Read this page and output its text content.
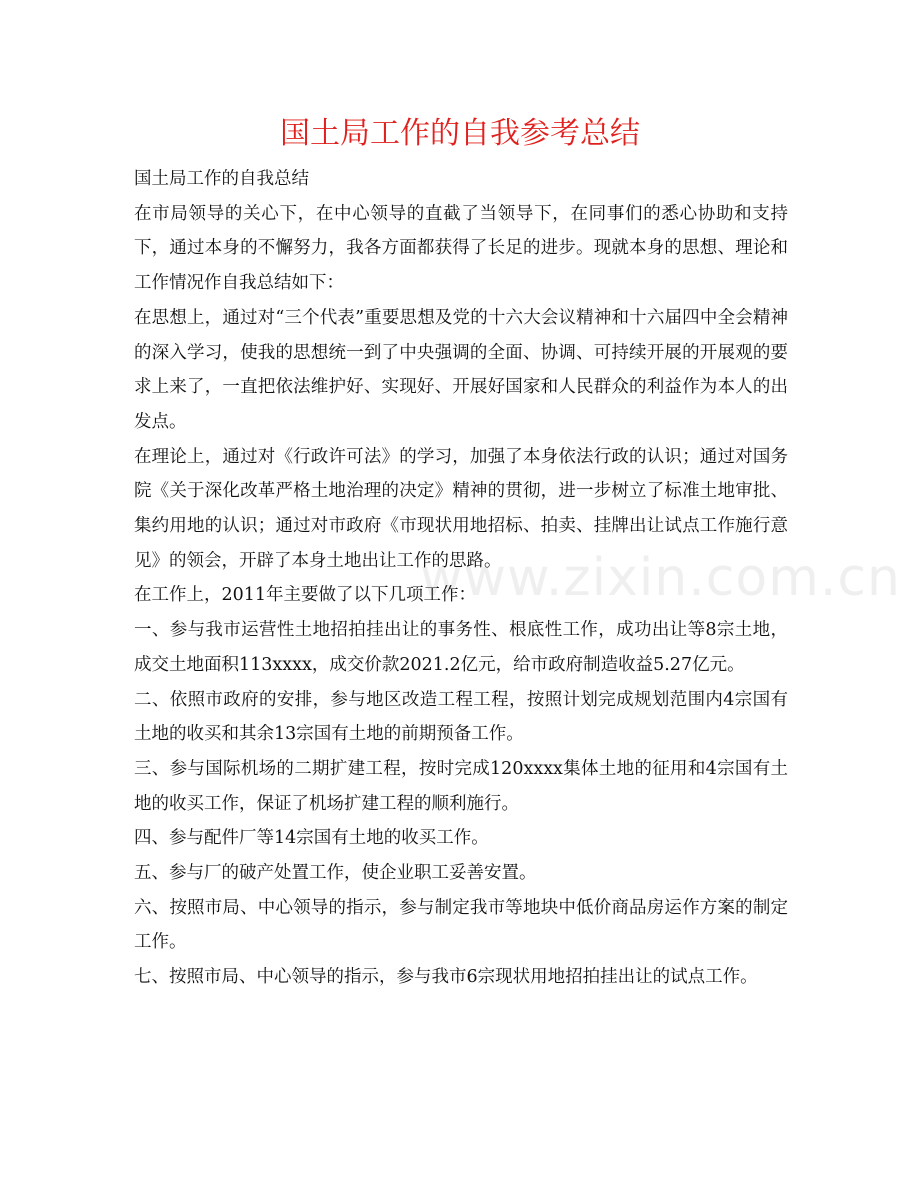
国土局工作的自我参考总结
www.zixin.com.cn

国土局工作的自我总结

在市局领导的关心下，在中心领导的直截了当领导下，在同事们的悉心协助和支持下，通过本身的不懈努力，我各方面都获得了长足的进步。现就本身的思想、理论和工作情况作自我总结如下：

在思想上，通过对“三个代表”重要思想及党的十六大会议精神和十六届四中全会精神的深入学习，使我的思想统一到了中央强调的全面、协调、可持续开展的开展观的要求上来了，一直把依法维护好、实现好、开展好国家和人民群众的利益作为本人的出发点。

在理论上，通过对《行政许可法》的学习，加强了本身依法行政的认识；通过对国务院《关于深化改革严格土地治理的决定》精神的贯彻，进一步树立了标准土地审批、集约用地的认识；通过对市政府《市现状用地招标、拍卖、挂牌出让试点工作施行意见》的领会，开辟了本身土地出让工作的思路。

在工作上，2011年主要做了以下几项工作：

一、参与我市运营性土地招拍挂出让的事务性、根底性工作，成功出让等8宗土地，成交土地面积113xxxx，成交价款2021.2亿元，给市政府制造收益5.27亿元。

二、依照市政府的安排，参与地区改造工程工程，按照计划完成规划范围内4宗国有土地的收买和其余13宗国有土地的前期预备工作。

三、参与国际机场的二期扩建工程，按时完成120xxxx集体土地的征用和4宗国有土地的收买工作，保证了机场扩建工程的顺利施行。

四、参与配件厂等14宗国有土地的收买工作。

五、参与厂的破产处置工作，使企业职工妥善安置。

六、按照市局、中心领导的指示，参与制定我市等地块中低价商品房运作方案的制定工作。

七、按照市局、中心领导的指示，参与我市6宗现状用地招拍挂出让的试点工作。
